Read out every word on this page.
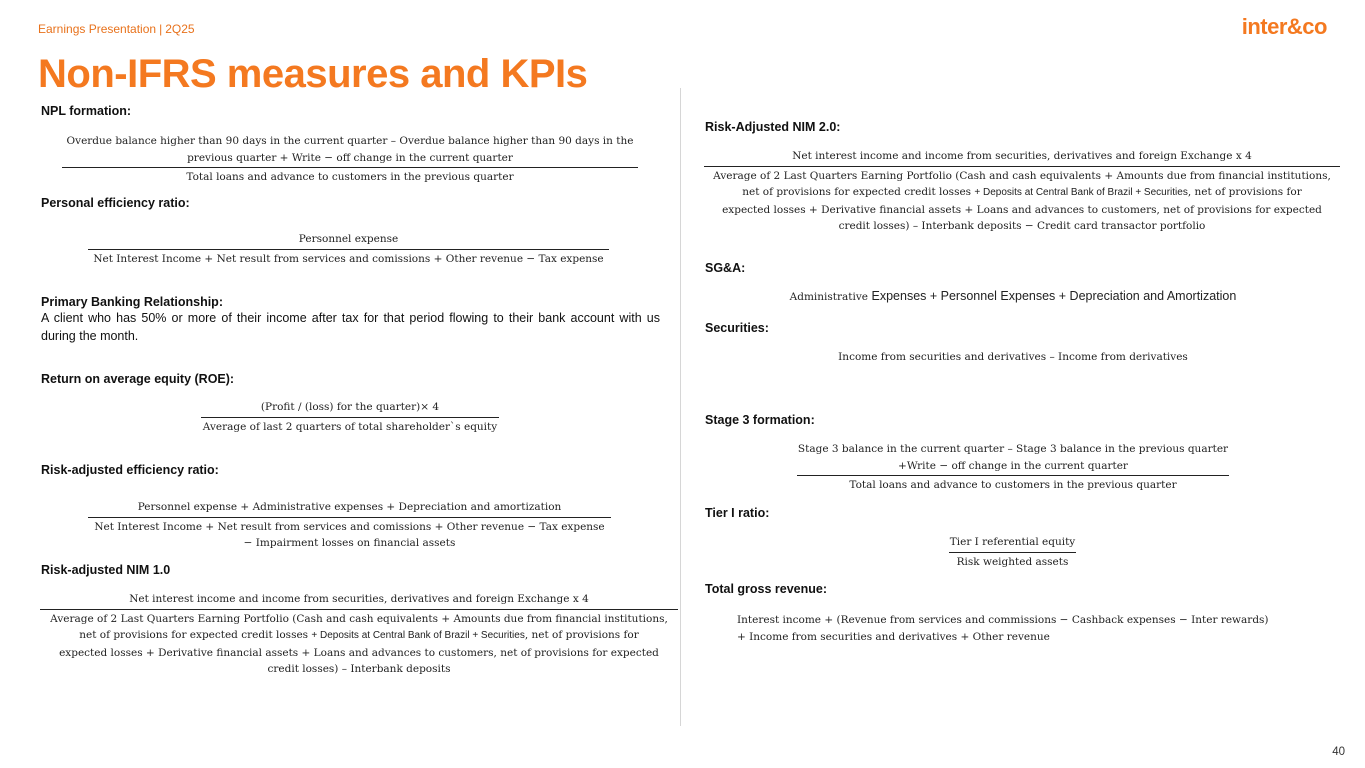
Earnings Presentation | 2Q25	inter&co
Non-IFRS measures and KPIs
NPL formation:
Overdue balance higher than 90 days in the current quarter – Overdue balance higher than 90 days in the
previous quarter + Write − off change in the current quarter
Total loans and advance to customers in the previous quarter
Personal efficiency ratio:
Personnel expense
Net Interest Income + Net result from services and comissions + Other revenue − Tax expense
Primary Banking Relationship:
A client who has 50% or more of their income after tax for that period flowing to their bank account with us during the month.
Return on average equity (ROE):
(Profit / (loss) for the quarter)× 4
Average of last 2 quarters of total shareholder`s equity
Risk-adjusted efficiency ratio:
Personnel expense + Administrative expenses + Depreciation and amortization
Net Interest Income + Net result from services and comissions + Other revenue − Tax expense
− Impairment losses on financial assets
Risk-adjusted NIM 1.0
Net interest income and income from securities, derivatives and foreign Exchange x 4
Average of 2 Last Quarters Earning Portfolio (Cash and cash equivalents + Amounts due from financial institutions,
net of provisions for expected credit losses + Deposits at Central Bank of Brazil + Securities, net of provisions for
expected losses + Derivative financial assets + Loans and advances to customers, net of provisions for expected
credit losses) – Interbank deposits
Risk-Adjusted NIM 2.0:
Net interest income and income from securities, derivatives and foreign Exchange x 4
Average of 2 Last Quarters Earning Portfolio (Cash and cash equivalents + Amounts due from financial institutions,
net of provisions for expected credit losses + Deposits at Central Bank of Brazil + Securities, net of provisions for
expected losses + Derivative financial assets + Loans and advances to customers, net of provisions for expected
credit losses) – Interbank deposits − Credit card transactor portfolio
SG&A:
Administrative Expenses + Personnel Expenses + Depreciation and Amortization
Securities:
Income from securities and derivatives – Income from derivatives
Stage 3 formation:
Stage 3 balance in the current quarter – Stage 3 balance in the previous quarter
+Write − off change in the current quarter
Total loans and advance to customers in the previous quarter
Tier I ratio:
Tier I referential equity
Risk weighted assets
Total gross revenue:
Interest income + (Revenue from services and commissions − Cashback expenses − Inter rewards)
+ Income from securities and derivatives + Other revenue
40
